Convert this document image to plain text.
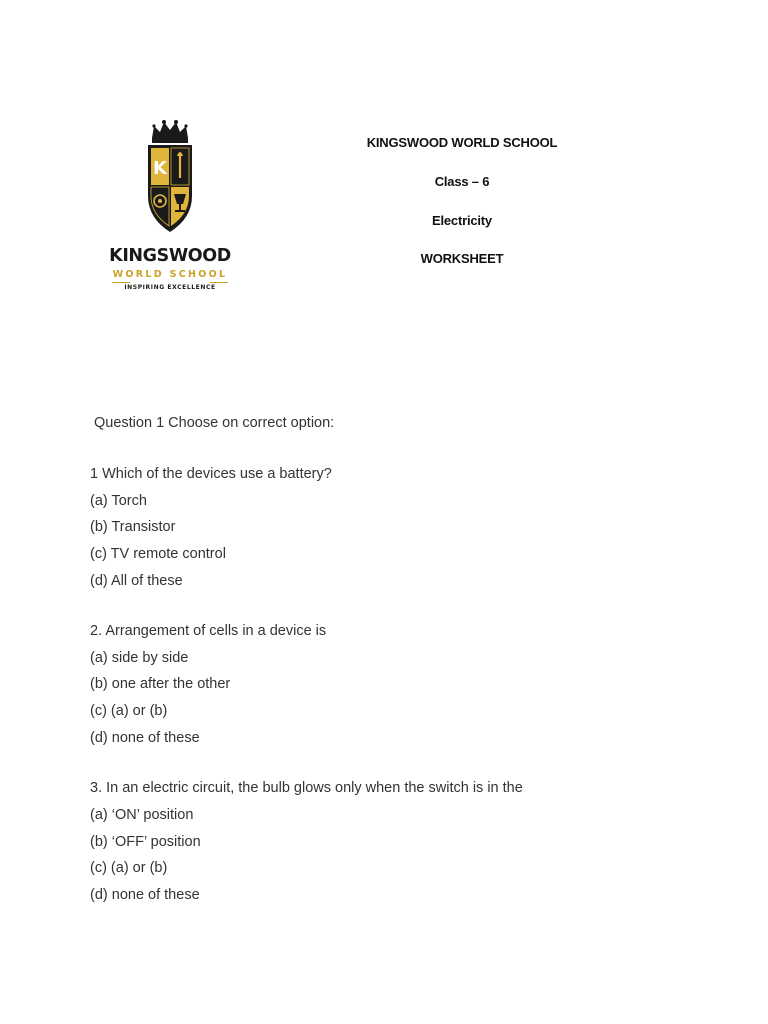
K
KINGSWOOD
WORLD SCHOOL
INSPIRING EXCELLENCE
KINGSWOOD WORLD SCHOOL
Class – 6
Electricity
WORKSHEET
Question 1 Choose on correct option:
1 Which of the devices use a battery?
(a) Torch
(b) Transistor
(c) TV remote control
(d) All of these
2. Arrangement of cells in a device is
(a) side by side
(b) one after the other
(c) (a) or (b)
(d) none of these
3. In an electric circuit, the bulb glows only when the switch is in the
(a) ‘ON’ position
(b) ‘OFF’ position
(c) (a) or (b)
(d) none of these
